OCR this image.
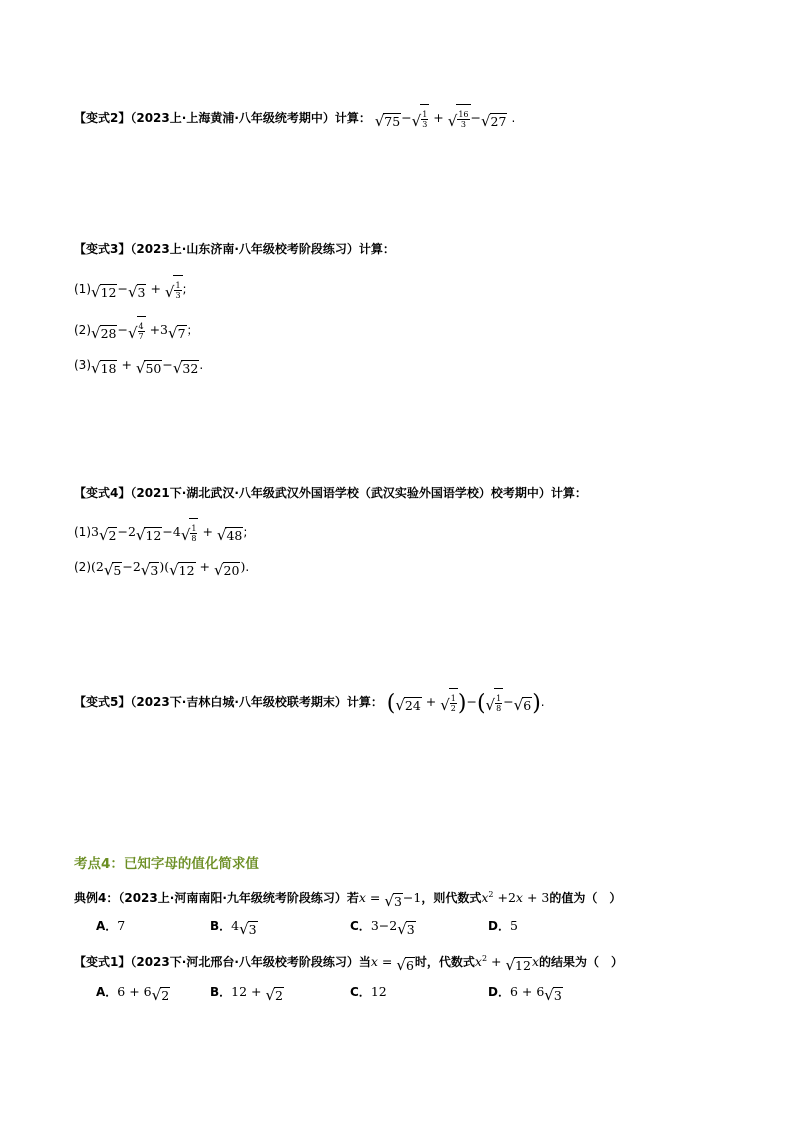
【变式2】（2023上·上海黄浦·八年级统考期中）计算： √ 75 − √ $\frac{1}{3}$ + √ $\frac{16}{3}$ − √ 27 .
【变式3】（2023上·山东济南·八年级校考阶段练习）计算：
(1) √ 12 − √ 3 + √ $\frac{1}{3}$ ;
(2) √ 28 − √ $\frac{4}{7} +3$ √ 7 ；
(3) √ 18 + √ 50 − √ 32 .
【变式4】（2021下·湖北武汉·八年级武汉外国语学校（武汉实验外国语学校）校考期中）计算：
(1)3 √ 2 −2 √ 12 −4 √ $\frac{1}{8}$ + √ 48 ;
(2)(2 √ 5 −2 √ 3 )( √ 12 + √ 20 ).
【变式5】（2023下·吉林白城·八年级校联考期末）计算： ( √ 24 + √ $\frac{1}{2}$ )−( √ $\frac{1}{8}$ − √ 6 ).
考点4：已知字母的值化简求值
典例4：（2023上·河南南阳·九年级统考阶段练习）若x = √ 3 −1，则代数式$x^2 +2x + 3$的值为（　）
A．7	B．4 √ 3	C．3−2 √ 3	D．5
【变式1】（2023下·河北邢台·八年级校考阶段练习）当x = √ 6 时，代数式$x^2$ + √ 12 x的结果为（　）
A．6 + 6 √ 2	B．12 + √ 2	C．12	D．6 + 6 √ 3
